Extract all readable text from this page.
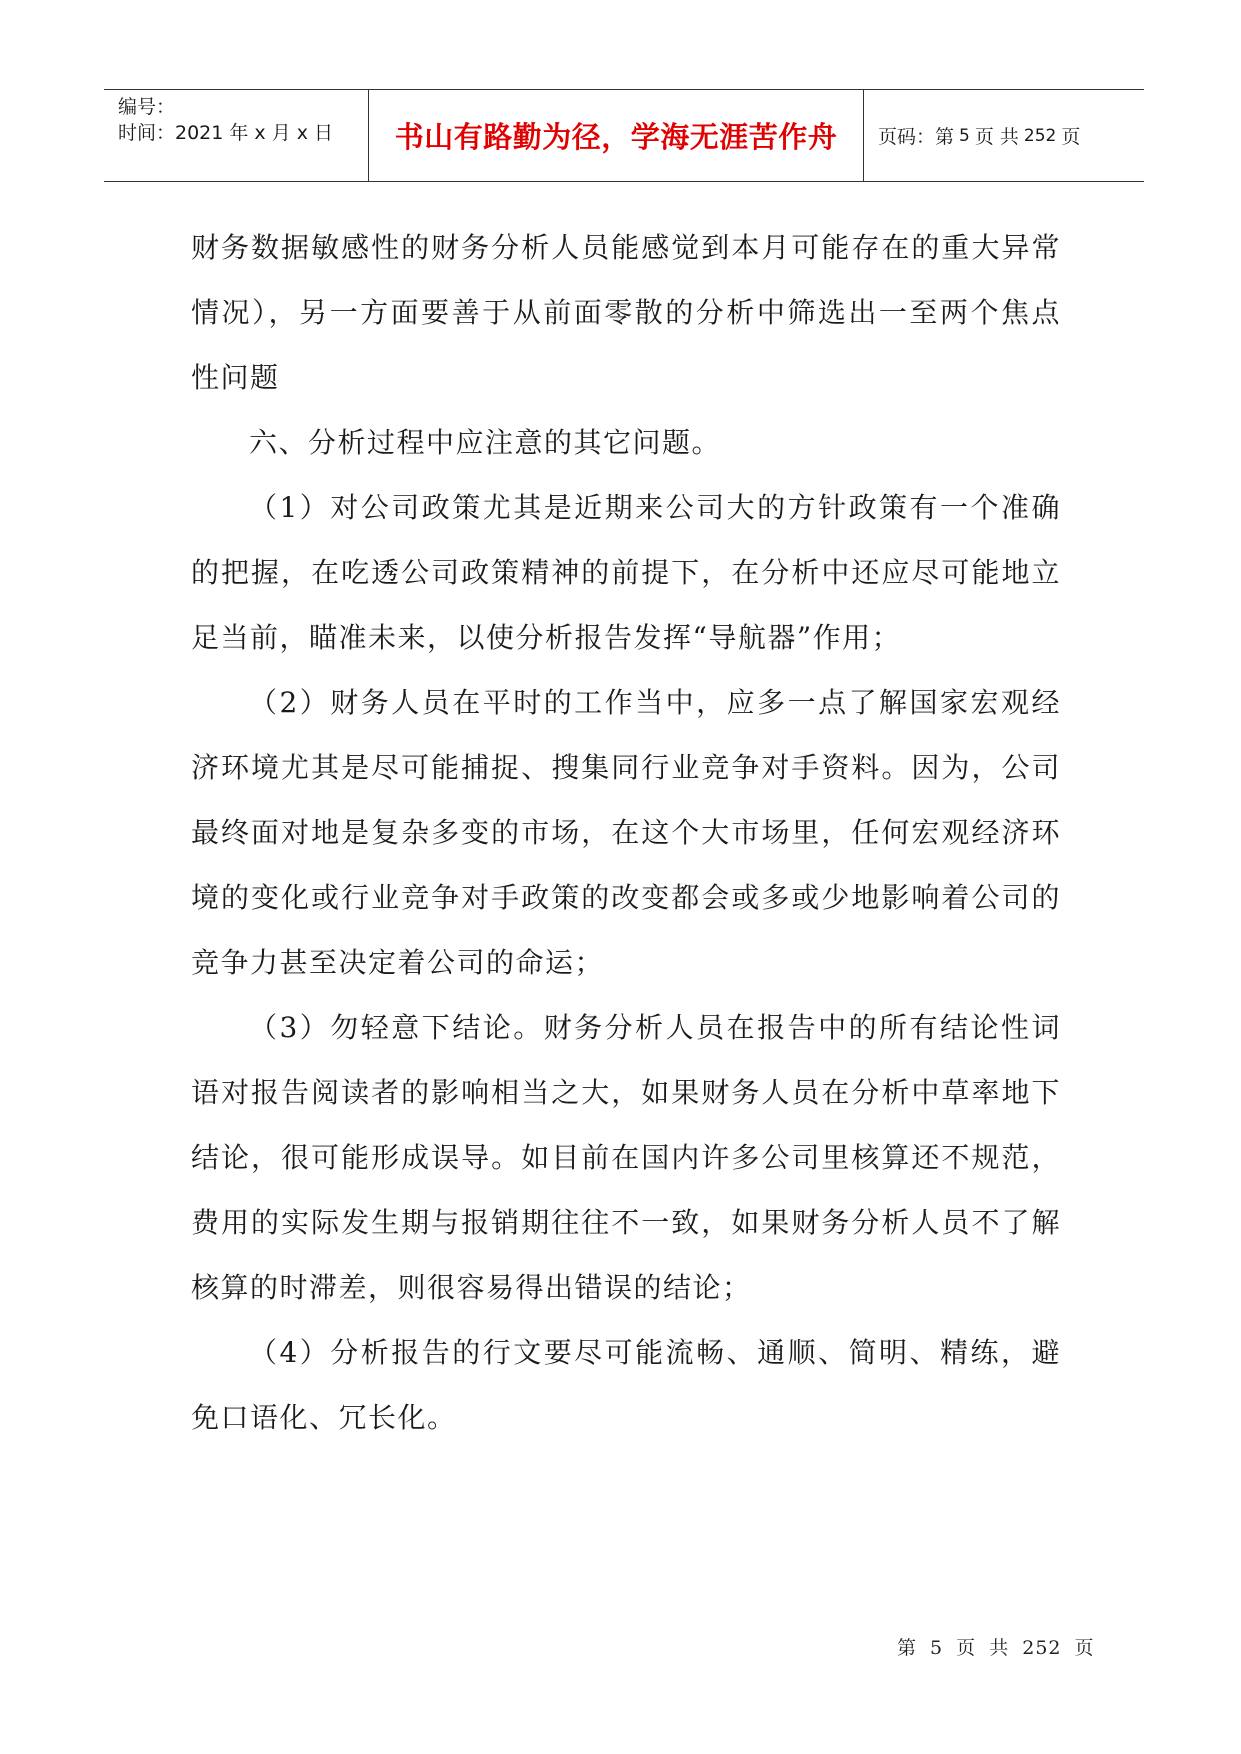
编号：
时间：2021 年 x 月 x 日	书山有路勤为径，学海无涯苦作舟	页码：第 5 页 共 252 页

财务数据敏感性的财务分析人员能感觉到本月可能存在的重大异常情况），另一方面要善于从前面零散的分析中筛选出一至两个焦点性问题

六、分析过程中应注意的其它问题。

（1）对公司政策尤其是近期来公司大的方针政策有一个准确的把握，在吃透公司政策精神的前提下，在分析中还应尽可能地立足当前，瞄准未来，以使分析报告发挥“导航器”作用；

（2）财务人员在平时的工作当中，应多一点了解国家宏观经济环境尤其是尽可能捕捉、搜集同行业竞争对手资料。因为，公司最终面对地是复杂多变的市场，在这个大市场里，任何宏观经济环境的变化或行业竞争对手政策的改变都会或多或少地影响着公司的竞争力甚至决定着公司的命运；

（3）勿轻意下结论。财务分析人员在报告中的所有结论性词语对报告阅读者的影响相当之大，如果财务人员在分析中草率地下结论，很可能形成误导。如目前在国内许多公司里核算还不规范，费用的实际发生期与报销期往往不一致，如果财务分析人员不了解核算的时滞差，则很容易得出错误的结论；

（4）分析报告的行文要尽可能流畅、通顺、简明、精练，避免口语化、冗长化。

第 5 页 共 252 页
